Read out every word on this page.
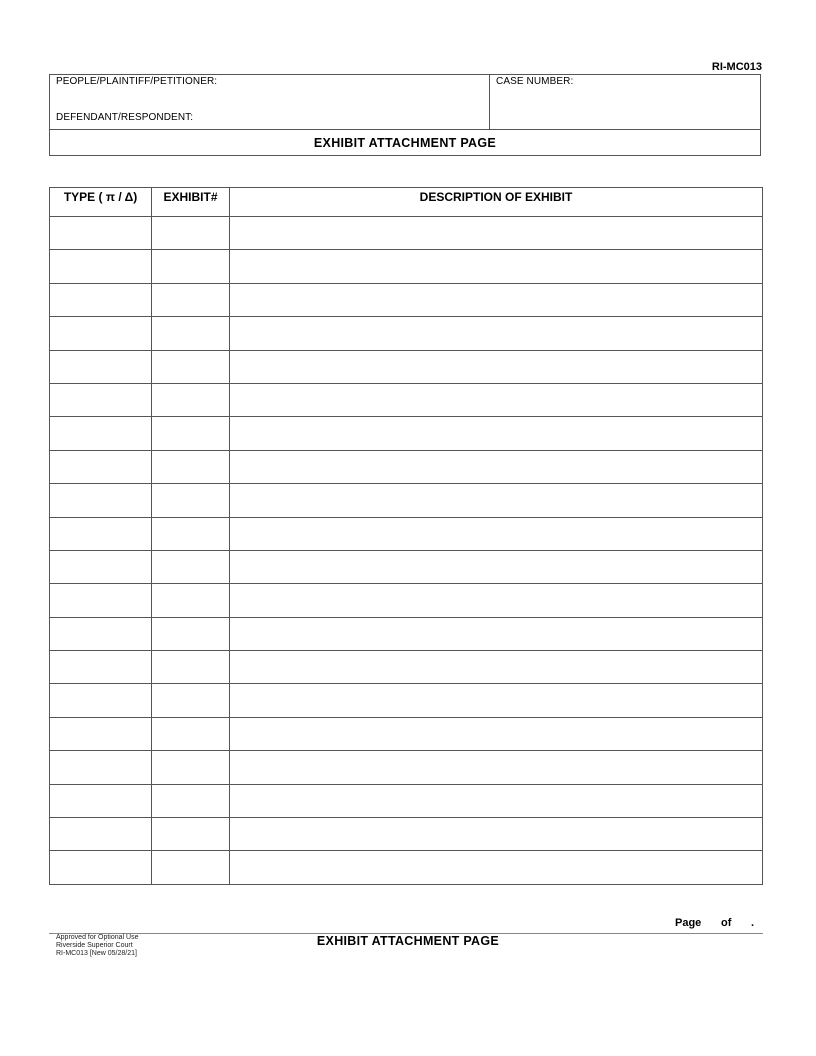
RI-MC013
PEOPLE/PLAINTIFF/PETITIONER:
DEFENDANT/RESPONDENT:
CASE NUMBER:
EXHIBIT ATTACHMENT PAGE
TYPE ( π / Δ)	EXHIBIT#	DESCRIPTION OF EXHIBIT

Page of .
Approved for Optional Use
Riverside Superior Court
RI-MC013 [New 05/28/21]
EXHIBIT ATTACHMENT PAGE
